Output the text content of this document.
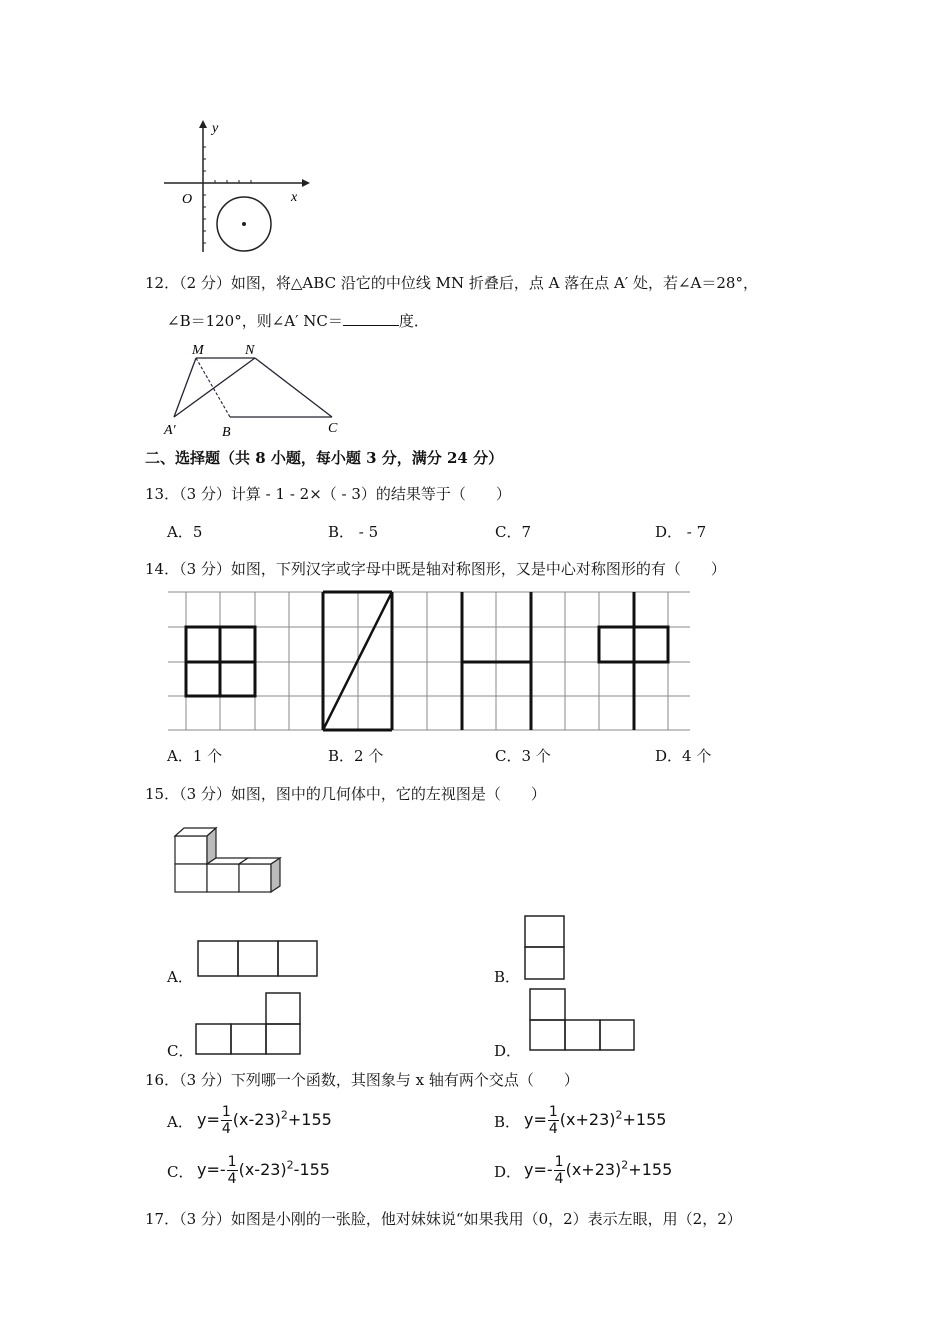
y
x
O
12．（2 分）如图，将△ABC 沿它的中位线 MN 折叠后，点 A 落在点 A′ 处，若∠A＝28°，
∠B＝120°，则∠A′ NC＝	度．
M	N
A′	B	C
二、选择题（共 8 小题，每小题 3 分，满分 24 分）
13．（3 分）计算 - 1 - 2×（ - 3）的结果等于（　　）
A．5	B． - 5	C．7	D． - 7
14．（3 分）如图，下列汉字或字母中既是轴对称图形，又是中心对称图形的有（　　）
A．1 个	B．2 个	C．3 个	D．4 个
15．（3 分）如图，图中的几何体中，它的左视图是（　　）
A．	B．
C．	D．
16．（3 分）下列哪一个函数，其图象与 x 轴有两个交点（　　）
A． $y= \frac{1}{4} (x-23)^2+155$	B． $y= \frac{1}{4} (x+23)^2+155$
C． $y=- \frac{1}{4} (x-23)^2-155$	D． $y=- \frac{1}{4} (x+23)^2+155$
17．（3 分）如图是小刚的一张脸，他对妹妹说“如果我用（0，2）表示左眼，用（2，2）
